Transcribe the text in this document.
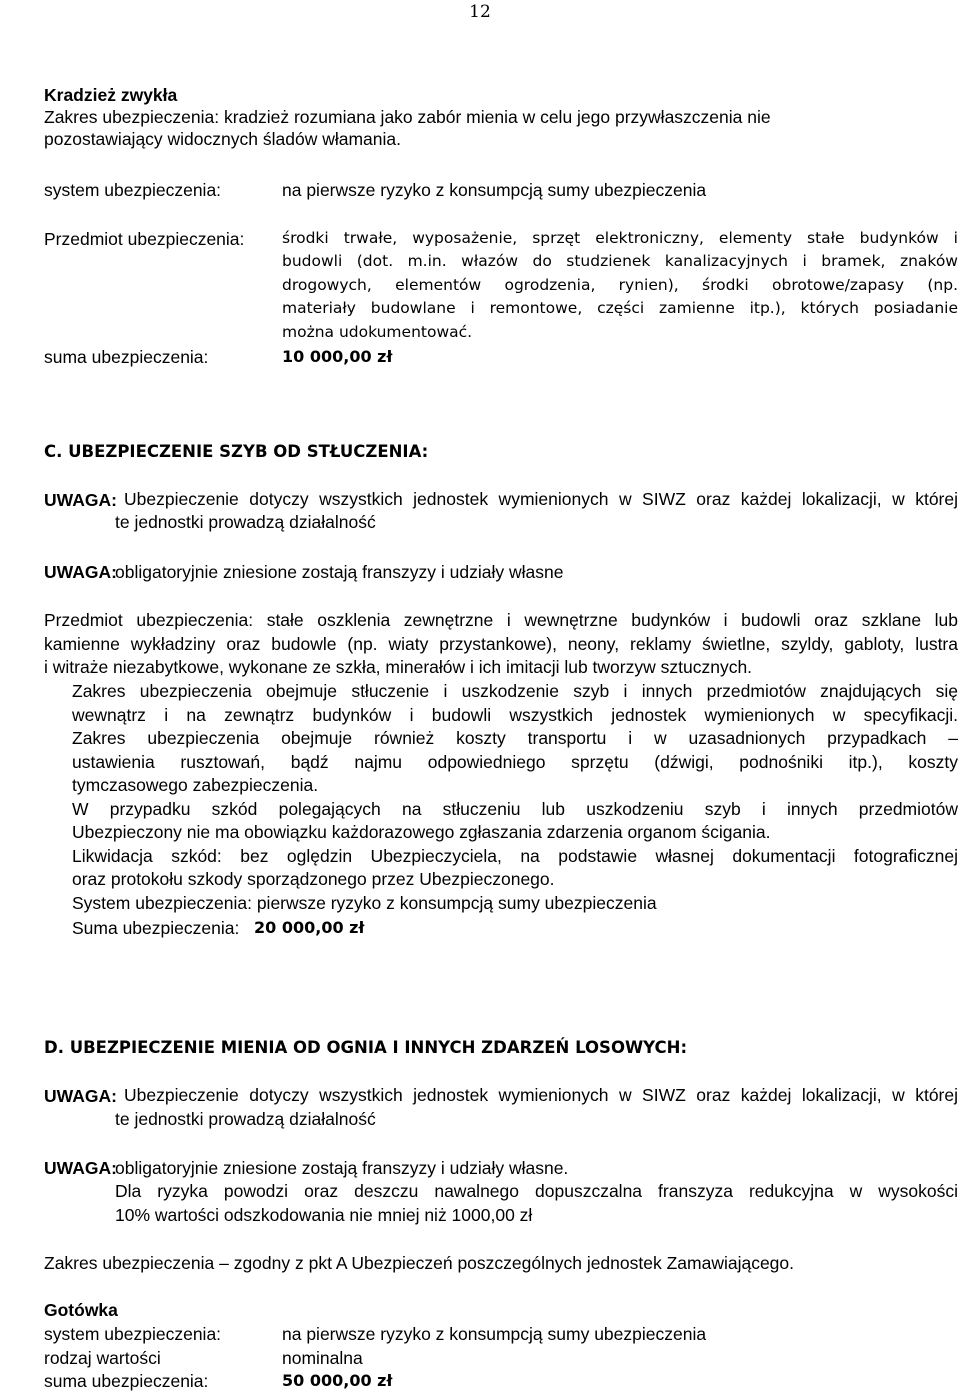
12
Kradzież zwykła
Zakres ubezpieczenia: kradzież rozumiana jako zabór mienia w celu jego przywłaszczenia nie
pozostawiający widocznych śladów włamania.
system ubezpieczenia:	na pierwsze ryzyko z konsumpcją sumy ubezpieczenia
Przedmiot ubezpieczenia: środki trwałe, wyposażenie, sprzęt elektroniczny, elementy stałe budynków i
budowli (dot. m.in. włazów do studzienek kanalizacyjnych i bramek, znaków
drogowych, elementów ogrodzenia, rynien), środki obrotowe/zapasy (np.
materiały budowlane i remontowe, części zamienne itp.), których posiadanie
można udokumentować.
suma ubezpieczenia:	10 000,00 zł
C. UBEZPIECZENIE SZYB OD STŁUCZENIA:
UWAGA: Ubezpieczenie dotyczy wszystkich jednostek wymienionych w SIWZ oraz każdej lokalizacji, w której
te jednostki prowadzą działalność
UWAGA:
obligatoryjnie zniesione zostają franszyzy i udziały własne
Przedmiot ubezpieczenia: stałe oszklenia zewnętrzne i wewnętrzne budynków i budowli oraz szklane lub
kamienne wykładziny oraz budowle (np. wiaty przystankowe), neony, reklamy świetlne, szyldy, gabloty, lustra
i witraże niezabytkowe, wykonane ze szkła, minerałów i ich imitacji lub tworzyw sztucznych.
Zakres ubezpieczenia obejmuje stłuczenie i uszkodzenie szyb i innych przedmiotów znajdujących się
wewnątrz i na zewnątrz budynków i budowli wszystkich jednostek wymienionych w specyfikacji.
Zakres ubezpieczenia obejmuje również koszty transportu i w uzasadnionych przypadkach –
ustawienia rusztowań, bądź najmu odpowiedniego sprzętu (dźwigi, podnośniki itp.), koszty
tymczasowego zabezpieczenia.
W przypadku szkód polegających na stłuczeniu lub uszkodzeniu szyb i innych przedmiotów
Ubezpieczony nie ma obowiązku każdorazowego zgłaszania zdarzenia organom ścigania.
Likwidacja szkód: bez oględzin Ubezpieczyciela, na podstawie własnej dokumentacji fotograficznej
oraz protokołu szkody sporządzonego przez Ubezpieczonego.
System ubezpieczenia: pierwsze ryzyko z konsumpcją sumy ubezpieczenia
Suma ubezpieczenia: 20 000,00 zł
D. UBEZPIECZENIE MIENIA OD OGNIA I INNYCH ZDARZEŃ LOSOWYCH:
UWAGA: Ubezpieczenie dotyczy wszystkich jednostek wymienionych w SIWZ oraz każdej lokalizacji, w której
te jednostki prowadzą działalność
UWAGA:
obligatoryjnie zniesione zostają franszyzy i udziały własne.
Dla ryzyka powodzi oraz deszczu nawalnego dopuszczalna franszyza redukcyjna w wysokości
10% wartości odszkodowania nie mniej niż 1000,00 zł
Zakres ubezpieczenia – zgodny z pkt A Ubezpieczeń poszczególnych jednostek Zamawiającego.
Gotówka
system ubezpieczenia:	na pierwsze ryzyko z konsumpcją sumy ubezpieczenia
rodzaj wartości	nominalna
suma ubezpieczenia:	50 000,00 zł
